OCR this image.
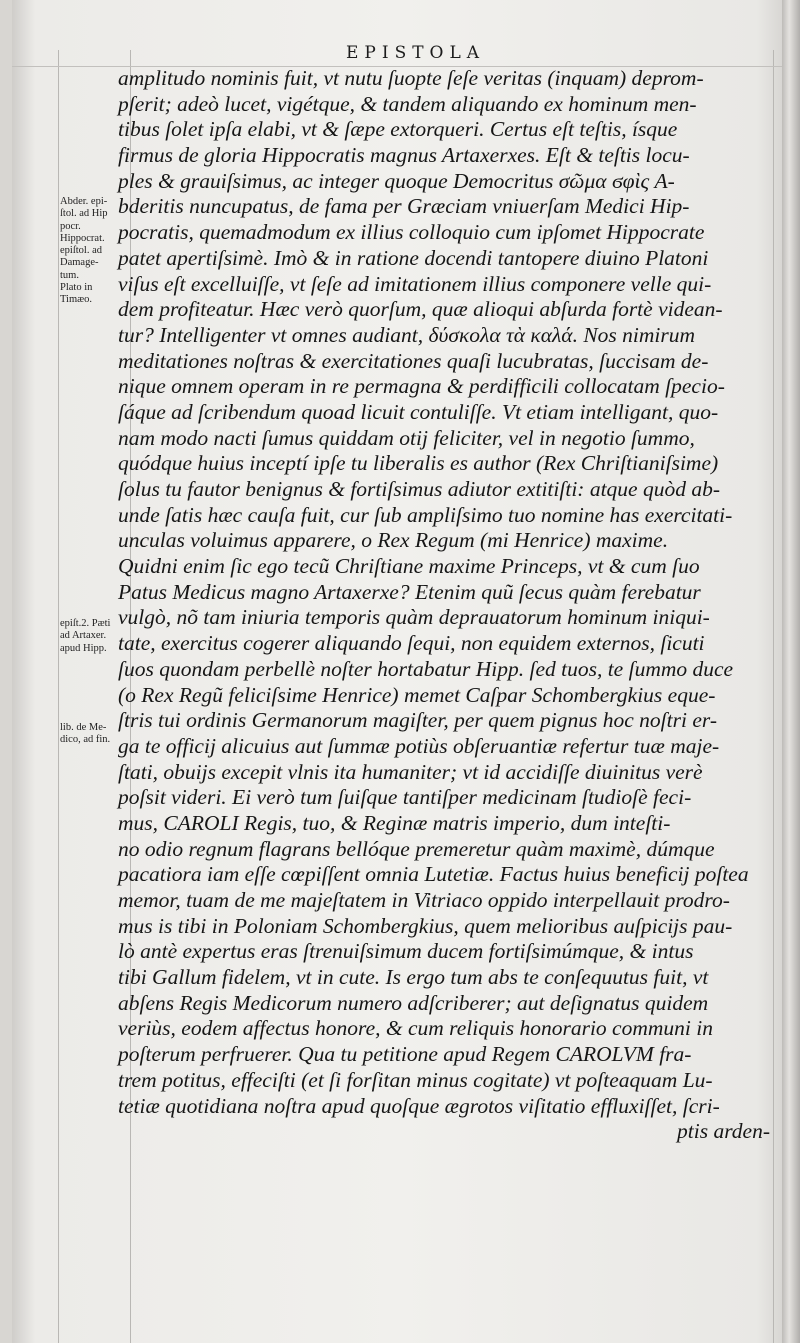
EPISTOLA
amplitudo nominis fuit, vt nutu ſuopte ſeſe veritas (inquam) deprom-
pſerit; adeò lucet, vigétque, & tandem aliquando ex hominum men-
tibus ſolet ipſa elabi, vt & ſæpe extorqueri. Certus eſt teſtis, ísque
firmus de gloria Hippocratis magnus Artaxerxes. Eſt & teſtis locu-
ples & grauiſsimus, ac integer quoque Democritus σῶμα ϭφὶς A-
bderitis nuncupatus, de fama per Græciam vniuerſam Medici Hip-
pocratis, quemadmodum ex illius colloquio cum ipſomet Hippocrate
patet apertiſsimè. Imò & in ratione docendi tantopere diuino Platoni
viſus eſt excelluiſſe, vt ſeſe ad imitationem illius componere velle qui-
dem profiteatur. Hæc verò quorſum, quæ alioqui abſurda fortè videan-
tur? Intelligenter vt omnes audiant, δύσκολα τὰ καλά. Nos nimirum
meditationes noſtras & exercitationes quaſi lucubratas, ſuccisam de-
nique omnem operam in re permagna & perdifficili collocatam ſpecio-
ſáque ad ſcribendum quoad licuit contuliſſe. Vt etiam intelligant, quo-
nam modo nacti ſumus quiddam otij feliciter, vel in negotio ſummo,
quódque huius inceptí ipſe tu liberalis es author (Rex Chriſtianiſsime)
ſolus tu fautor benignus & fortiſsimus adiutor extitiſti: atque quòd ab-
unde ſatis hæc cauſa fuit, cur ſub ampliſsimo tuo nomine has exercitati-
unculas voluimus apparere, o Rex Regum (mi Henrice) maxime.
Quidni enim ſic ego tecũ Chriſtiane maxime Princeps, vt & cum ſuo
Patus Medicus magno Artaxerxe? Etenim quũ ſecus quàm ferebatur
vulgò, nõ tam iniuria temporis quàm deprauatorum hominum iniqui-
tate, exercitus cogerer aliquando ſequi, non equidem externos, ſicuti
ſuos quondam perbellè noſter hortabatur Hipp. ſed tuos, te ſummo duce
(o Rex Regũ feliciſsime Henrice) memet Caſpar Schombergkius eque-
ſtris tui ordinis Germanorum magiſter, per quem pignus hoc noſtri er-
ga te officij alicuius aut ſummæ potiùs obſeruantiæ refertur tuæ maje-
ſtati, obuijs excepit vlnis ita humaniter; vt id accidiſſe diuinitus verè
poſsit videri. Ei verò tum ſuiſque tantiſper medicinam ſtudioſè feci-
mus, CAROLI Regis, tuo, & Reginæ matris imperio, dum inteſti-
no odio regnum flagrans bellóque premeretur quàm maximè, dúmque
pacatiora iam eſſe cœpiſſent omnia Lutetiæ. Factus huius beneficij poſtea
memor, tuam de me majeſtatem in Vitriaco oppido interpellauit prodro-
mus is tibi in Poloniam Schombergkius, quem melioribus auſpicijs pau-
lò antè expertus eras ſtrenuiſsimum ducem fortiſsimúmque, & intus
tibi Gallum fidelem, vt in cute. Is ergo tum abs te conſequutus fuit, vt
abſens Regis Medicorum numero adſcriberer; aut deſignatus quidem
veriùs, eodem affectus honore, & cum reliquis honorario communi in
poſterum perfruerer. Qua tu petitione apud Regem CAROLVM fra-
trem potitus, effeciſti (et ſi forſitan minus cogitate) vt poſteaquam Lu-
tetiæ quotidiana noſtra apud quoſque ægrotos viſitatio effluxiſſet, ſcri-
ptis arden-
Abder. epi-
ſtol. ad Hip
pocr.
Hippocrat.
epiſtol. ad
Damage-
tum.
Plato in
Timæo.
epiſt.2. Pæti
ad Artaxer.
apud Hipp.
lib. de Me-
dico, ad fin.
